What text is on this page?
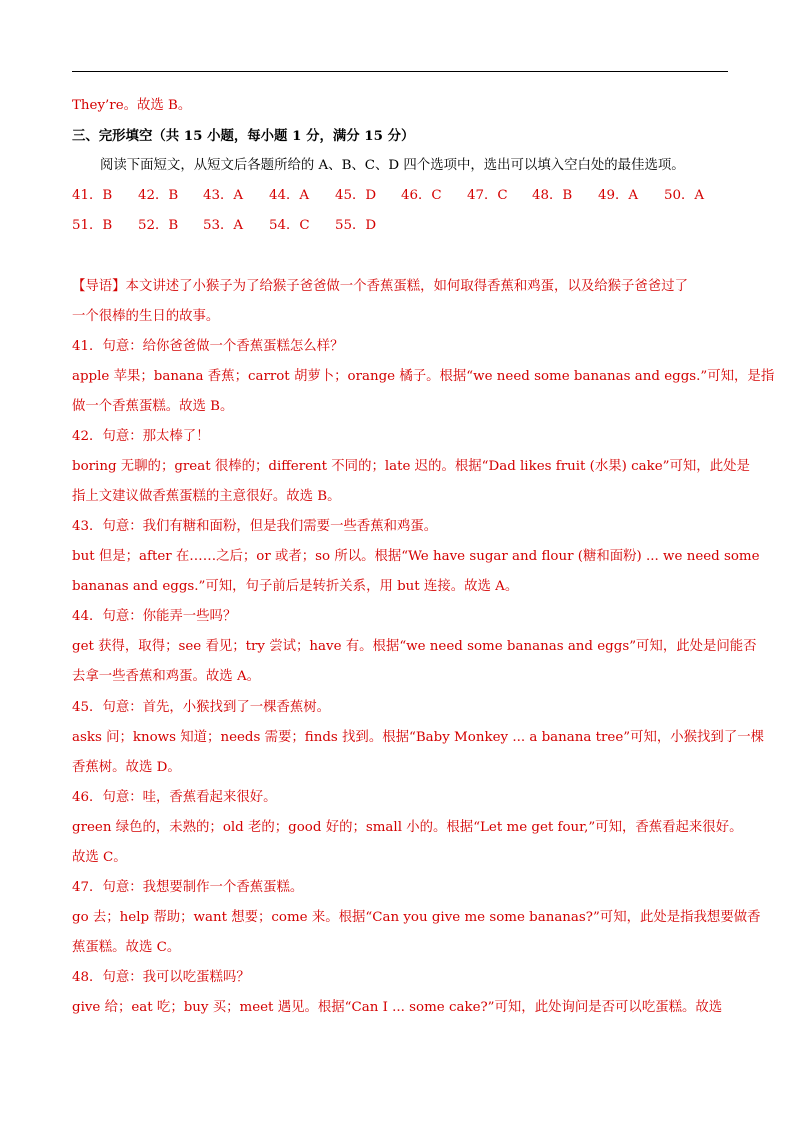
They’re。故选 B。
三、完形填空（共 15 小题，每小题 1 分，满分 15 分）
阅读下面短文，从短文后各题所给的 A、B、C、D 四个选项中，选出可以填入空白处的最佳选项。
41．B 42．B 43．A 44．A 45．D 46．C 47．C 48．B 49．A 50．A
51．B 52．B 53．A 54．C 55．D
【导语】本文讲述了小猴子为了给猴子爸爸做一个香蕉蛋糕，如何取得香蕉和鸡蛋，以及给猴子爸爸过了
一个很棒的生日的故事。
41．句意：给你爸爸做一个香蕉蛋糕怎么样？
apple 苹果；banana 香蕉；carrot 胡萝卜；orange 橘子。根据“we need some bananas and eggs.”可知，是指
做一个香蕉蛋糕。故选 B。
42．句意：那太棒了！
boring 无聊的；great 很棒的；different 不同的；late 迟的。根据“Dad likes fruit (水果) cake”可知，此处是
指上文建议做香蕉蛋糕的主意很好。故选 B。
43．句意：我们有糖和面粉，但是我们需要一些香蕉和鸡蛋。
but 但是；after 在……之后；or 或者；so 所以。根据“We have sugar and flour (糖和面粉) ... we need some
bananas and eggs.”可知，句子前后是转折关系，用 but 连接。故选 A。
44．句意：你能弄一些吗？
get 获得，取得；see 看见；try 尝试；have 有。根据“we need some bananas and eggs”可知，此处是问能否
去拿一些香蕉和鸡蛋。故选 A。
45．句意：首先，小猴找到了一棵香蕉树。
asks 问；knows 知道；needs 需要；finds 找到。根据“Baby Monkey ... a banana tree”可知，小猴找到了一棵
香蕉树。故选 D。
46．句意：哇，香蕉看起来很好。
green 绿色的，未熟的；old 老的；good 好的；small 小的。根据“Let me get four,”可知，香蕉看起来很好。
故选 C。
47．句意：我想要制作一个香蕉蛋糕。
go 去；help 帮助；want 想要；come 来。根据“Can you give me some bananas?”可知，此处是指我想要做香
蕉蛋糕。故选 C。
48．句意：我可以吃蛋糕吗？
give 给；eat 吃；buy 买；meet 遇见。根据“Can I ... some cake?”可知，此处询问是否可以吃蛋糕。故选
